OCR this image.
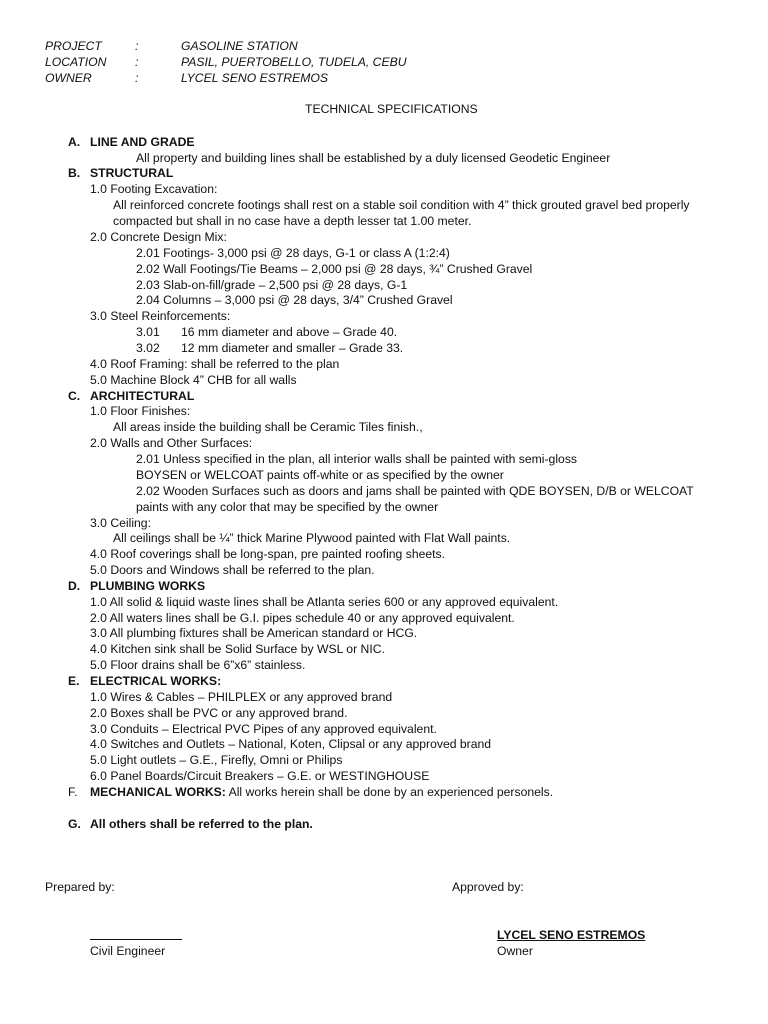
PROJECT	:	GASOLINE STATION
LOCATION :	PASIL, PUERTOBELLO, TUDELA, CEBU
OWNER	:	LYCEL SENO ESTREMOS
TECHNICAL SPECIFICATIONS
A. LINE AND GRADE
All property and building lines shall be established by a duly licensed Geodetic Engineer
B. STRUCTURAL
1.0 Footing Excavation:
All reinforced concrete footings shall rest on a stable soil condition with 4” thick grouted gravel bed properly
compacted but shall in no case have a depth lesser tat 1.00 meter.
2.0 Concrete Design Mix:
2.01 Footings- 3,000 psi @ 28 days, G-1 or class A (1:2:4)
2.02 Wall Footings/Tie Beams – 2,000 psi @ 28 days, ¾” Crushed Gravel
2.03 Slab-on-fill/grade – 2,500 psi @ 28 days, G-1
2.04 Columns – 3,000 psi @ 28 days, 3/4” Crushed Gravel
3.0 Steel Reinforcements:
3.01 16 mm diameter and above – Grade 40.
3.02 12 mm diameter and smaller – Grade 33.
4.0 Roof Framing: shall be referred to the plan
5.0 Machine Block 4” CHB for all walls
C. ARCHITECTURAL
1.0 Floor Finishes:
All areas inside the building shall be Ceramic Tiles finish.,
2.0 Walls and Other Surfaces:
2.01 Unless specified in the plan, all interior walls shall be painted with semi-gloss
BOYSEN or WELCOAT paints off-white or as specified by the owner
2.02 Wooden Surfaces such as doors and jams shall be painted with QDE BOYSEN, D/B or WELCOAT
paints with any color that may be specified by the owner
3.0 Ceiling:
All ceilings shall be ¼” thick Marine Plywood painted with Flat Wall paints.
4.0 Roof coverings shall be long-span, pre painted roofing sheets.
5.0 Doors and Windows shall be referred to the plan.
D. PLUMBING WORKS
1.0 All solid & liquid waste lines shall be Atlanta series 600 or any approved equivalent.
2.0 All waters lines shall be G.I. pipes schedule 40 or any approved equivalent.
3.0 All plumbing fixtures shall be American standard or HCG.
4.0 Kitchen sink shall be Solid Surface by WSL or NIC.
5.0 Floor drains shall be 6”x6” stainless.
E. ELECTRICAL WORKS:
1.0 Wires & Cables – PHILPLEX or any approved brand
2.0 Boxes shall be PVC or any approved brand.
3.0 Conduits – Electrical PVC Pipes of any approved equivalent.
4.0 Switches and Outlets – National, Koten, Clipsal or any approved brand
5.0 Light outlets – G.E., Firefly, Omni or Philips
6.0 Panel Boards/Circuit Breakers – G.E. or WESTINGHOUSE
F. MECHANICAL WORKS: All works herein shall be done by an experienced personels.
G. All others shall be referred to the plan.
Prepared by:	Approved by:
LYCEL SENO ESTREMOS
Civil Engineer	Owner
